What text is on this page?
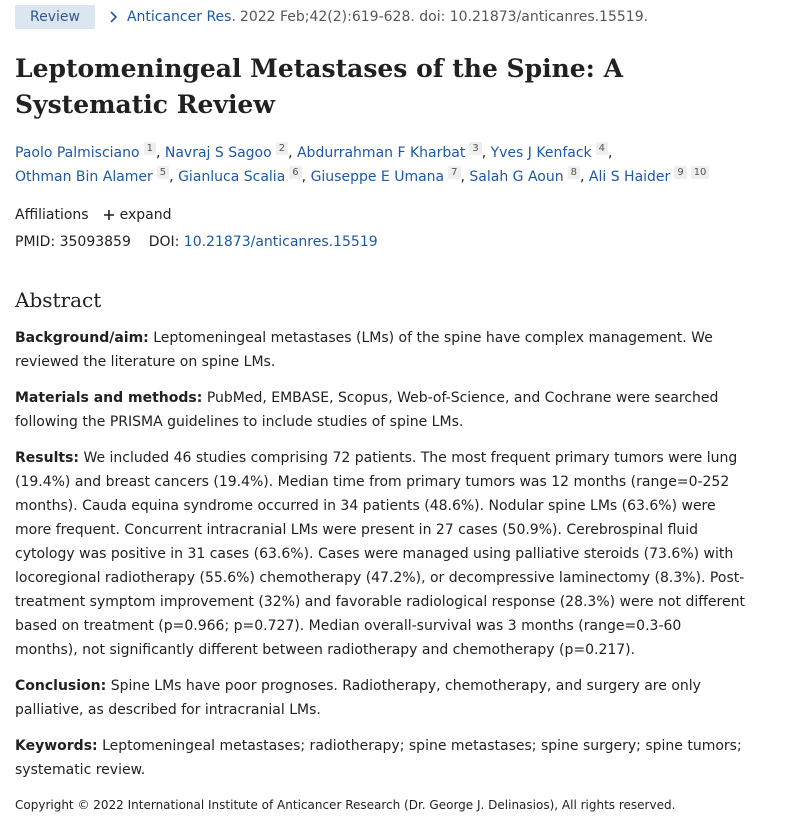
Review	Anticancer Res. 2022 Feb;42(2):619-628. doi: 10.21873/anticanres.15519.
Leptomeningeal Metastases of the Spine: A Systematic Review
Paolo Palmisciano 1 , Navraj S Sagoo 2 , Abdurrahman F Kharbat 3 , Yves J Kenfack 4 ,
Othman Bin Alamer 5 , Gianluca Scalia 6 , Giuseppe E Umana 7 , Salah G Aoun 8 , Ali S Haider 9 10
Affiliations expand
PMID: 35093859 DOI: 10.21873/anticanres.15519
Abstract

Background/aim: Leptomeningeal metastases (LMs) of the spine have complex management. We reviewed the literature on spine LMs.

Materials and methods: PubMed, EMBASE, Scopus, Web-of-Science, and Cochrane were searched following the PRISMA guidelines to include studies of spine LMs.

Results: We included 46 studies comprising 72 patients. The most frequent primary tumors were lung (19.4%) and breast cancers (19.4%). Median time from primary tumors was 12 months (range=0-252 months). Cauda equina syndrome occurred in 34 patients (48.6%). Nodular spine LMs (63.6%) were more frequent. Concurrent intracranial LMs were present in 27 cases (50.9%). Cerebrospinal fluid cytology was positive in 31 cases (63.6%). Cases were managed using palliative steroids (73.6%) with locoregional radiotherapy (55.6%) chemotherapy (47.2%), or decompressive laminectomy (8.3%). Post-treatment symptom improvement (32%) and favorable radiological response (28.3%) were not different based on treatment (p=0.966; p=0.727). Median overall-survival was 3 months (range=0.3-60 months), not significantly different between radiotherapy and chemotherapy (p=0.217).

Conclusion: Spine LMs have poor prognoses. Radiotherapy, chemotherapy, and surgery are only palliative, as described for intracranial LMs.

Keywords: Leptomeningeal metastases; radiotherapy; spine metastases; spine surgery; spine tumors; systematic review.

Copyright © 2022 International Institute of Anticancer Research (Dr. George J. Delinasios), All rights reserved.
